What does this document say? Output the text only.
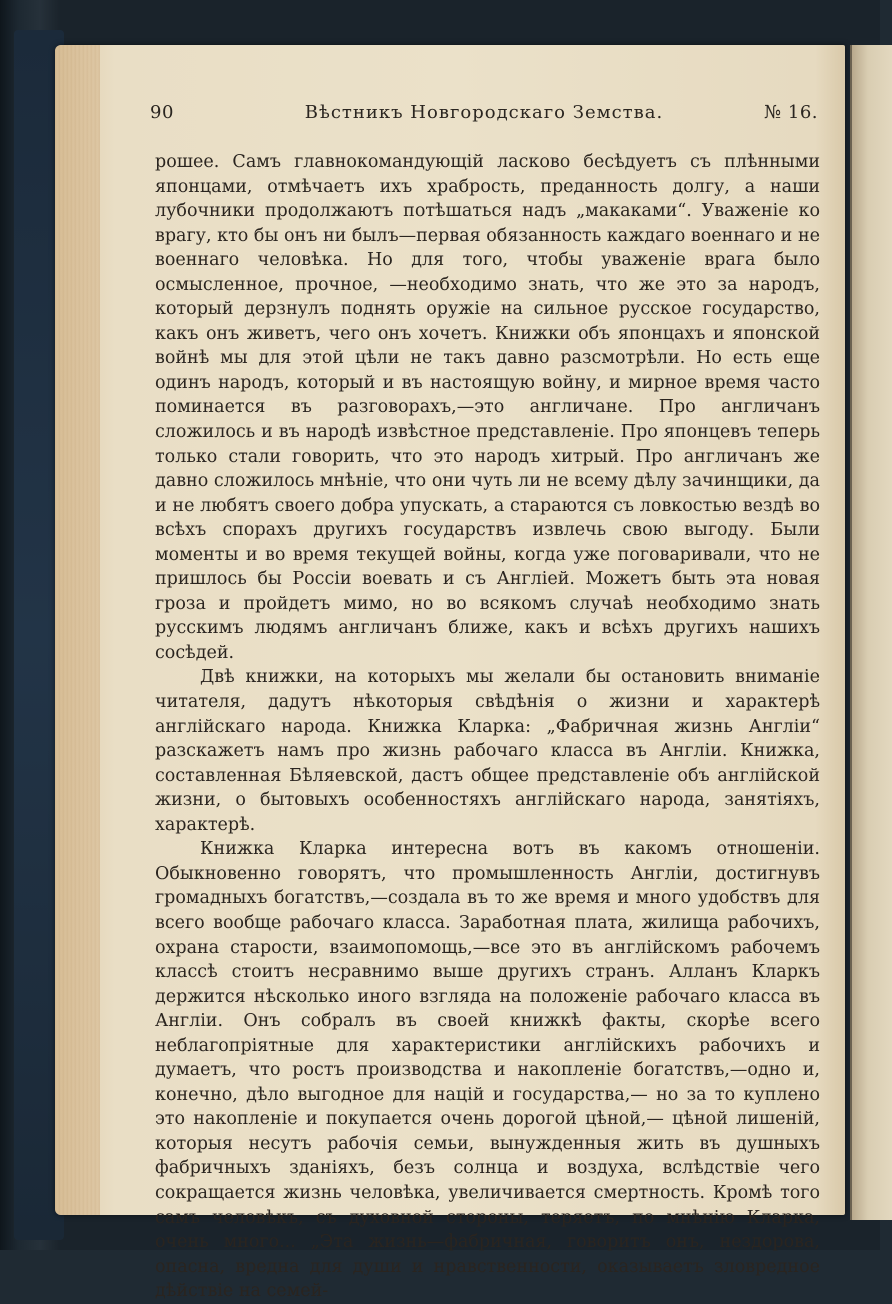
90	Вѣстникъ Новгородскаго Земства.	№ 16.

рошее. Самъ главнокомандующій ласково бесѣдуетъ съ плѣнными японцами, отмѣчаетъ ихъ храбрость, преданность долгу, а наши лубочники продолжаютъ потѣшаться надъ „макаками“. Уваженіе ко врагу, кто бы онъ ни былъ—первая обязанность каждаго военнаго и не военнаго человѣка. Но для того, чтобы уваженіе врага было осмысленное, прочное, —необходимо знать, что же это за народъ, который дерзнулъ поднять оружіе на сильное русское государство, какъ онъ живетъ, чего онъ хочетъ. Книжки объ японцахъ и японской войнѣ мы для этой цѣли не такъ давно разсмотрѣли. Но есть еще одинъ народъ, который и въ настоящую войну, и мирное время часто поминается въ разговорахъ,—это англичане. Про англичанъ сложилось и въ народѣ извѣстное представленіе. Про японцевъ теперь только стали говорить, что это народъ хитрый. Про англичанъ же давно сложилось мнѣніе, что они чуть ли не всему дѣлу зачинщики, да и не любятъ своего добра упускать, а стараются съ ловкостью вездѣ во всѣхъ спорахъ другихъ государствъ извлечь свою выгоду. Были моменты и во время текущей войны, когда уже поговаривали, что не пришлось бы Россіи воевать и съ Англіей. Можетъ быть эта новая гроза и пройдетъ мимо, но во всякомъ случаѣ необходимо знать русскимъ людямъ англичанъ ближе, какъ и всѣхъ другихъ нашихъ сосѣдей.

Двѣ книжки, на которыхъ мы желали бы остановить вниманіе читателя, дадутъ нѣкоторыя свѣдѣнія о жизни и характерѣ англійскаго народа. Книжка Кларка: „Фабричная жизнь Англіи“ разскажетъ намъ про жизнь рабочаго класса въ Англіи. Книжка, составленная Бѣляевской, дастъ общее представленіе объ англійской жизни, о бытовыхъ особенностяхъ англійскаго народа, занятіяхъ, характерѣ.

Книжка Кларка интересна вотъ въ какомъ отношеніи. Обыкновенно говорятъ, что промышленность Англіи, достигнувъ громадныхъ богатствъ,—создала въ то же время и много удобствъ для всего вообще рабочаго класса. Заработная плата, жилища рабочихъ, охрана старости, взаимопомощь,—все это въ англійскомъ рабочемъ классѣ стоитъ несравнимо выше другихъ странъ. Алланъ Кларкъ держится нѣсколько иного взгляда на положеніе рабочаго класса въ Англіи. Онъ собралъ въ своей книжкѣ факты, скорѣе всего неблагопріятные для характеристики англійскихъ рабочихъ и думаетъ, что ростъ производства и накопленіе богатствъ,—одно и, конечно, дѣло выгодное для націй и государства,— но за то куплено это накопленіе и покупается очень дорогой цѣной,— цѣной лишеній, которыя несутъ рабочія семьи, вынужденныя жить въ душныхъ фабричныхъ зданіяхъ, безъ солнца и воздуха, вслѣдствіе чего сокращается жизнь человѣка, увеличивается смертность. Кромѣ того самъ человѣкъ, съ духовной стороны, теряетъ, по мнѣнію Кларка, очень много... „Эта жизнь—фабричная, говоритъ онъ, нездорова, опасна, вредна для души и нравственности, оказываетъ зловредное дѣйствіе на семей-
